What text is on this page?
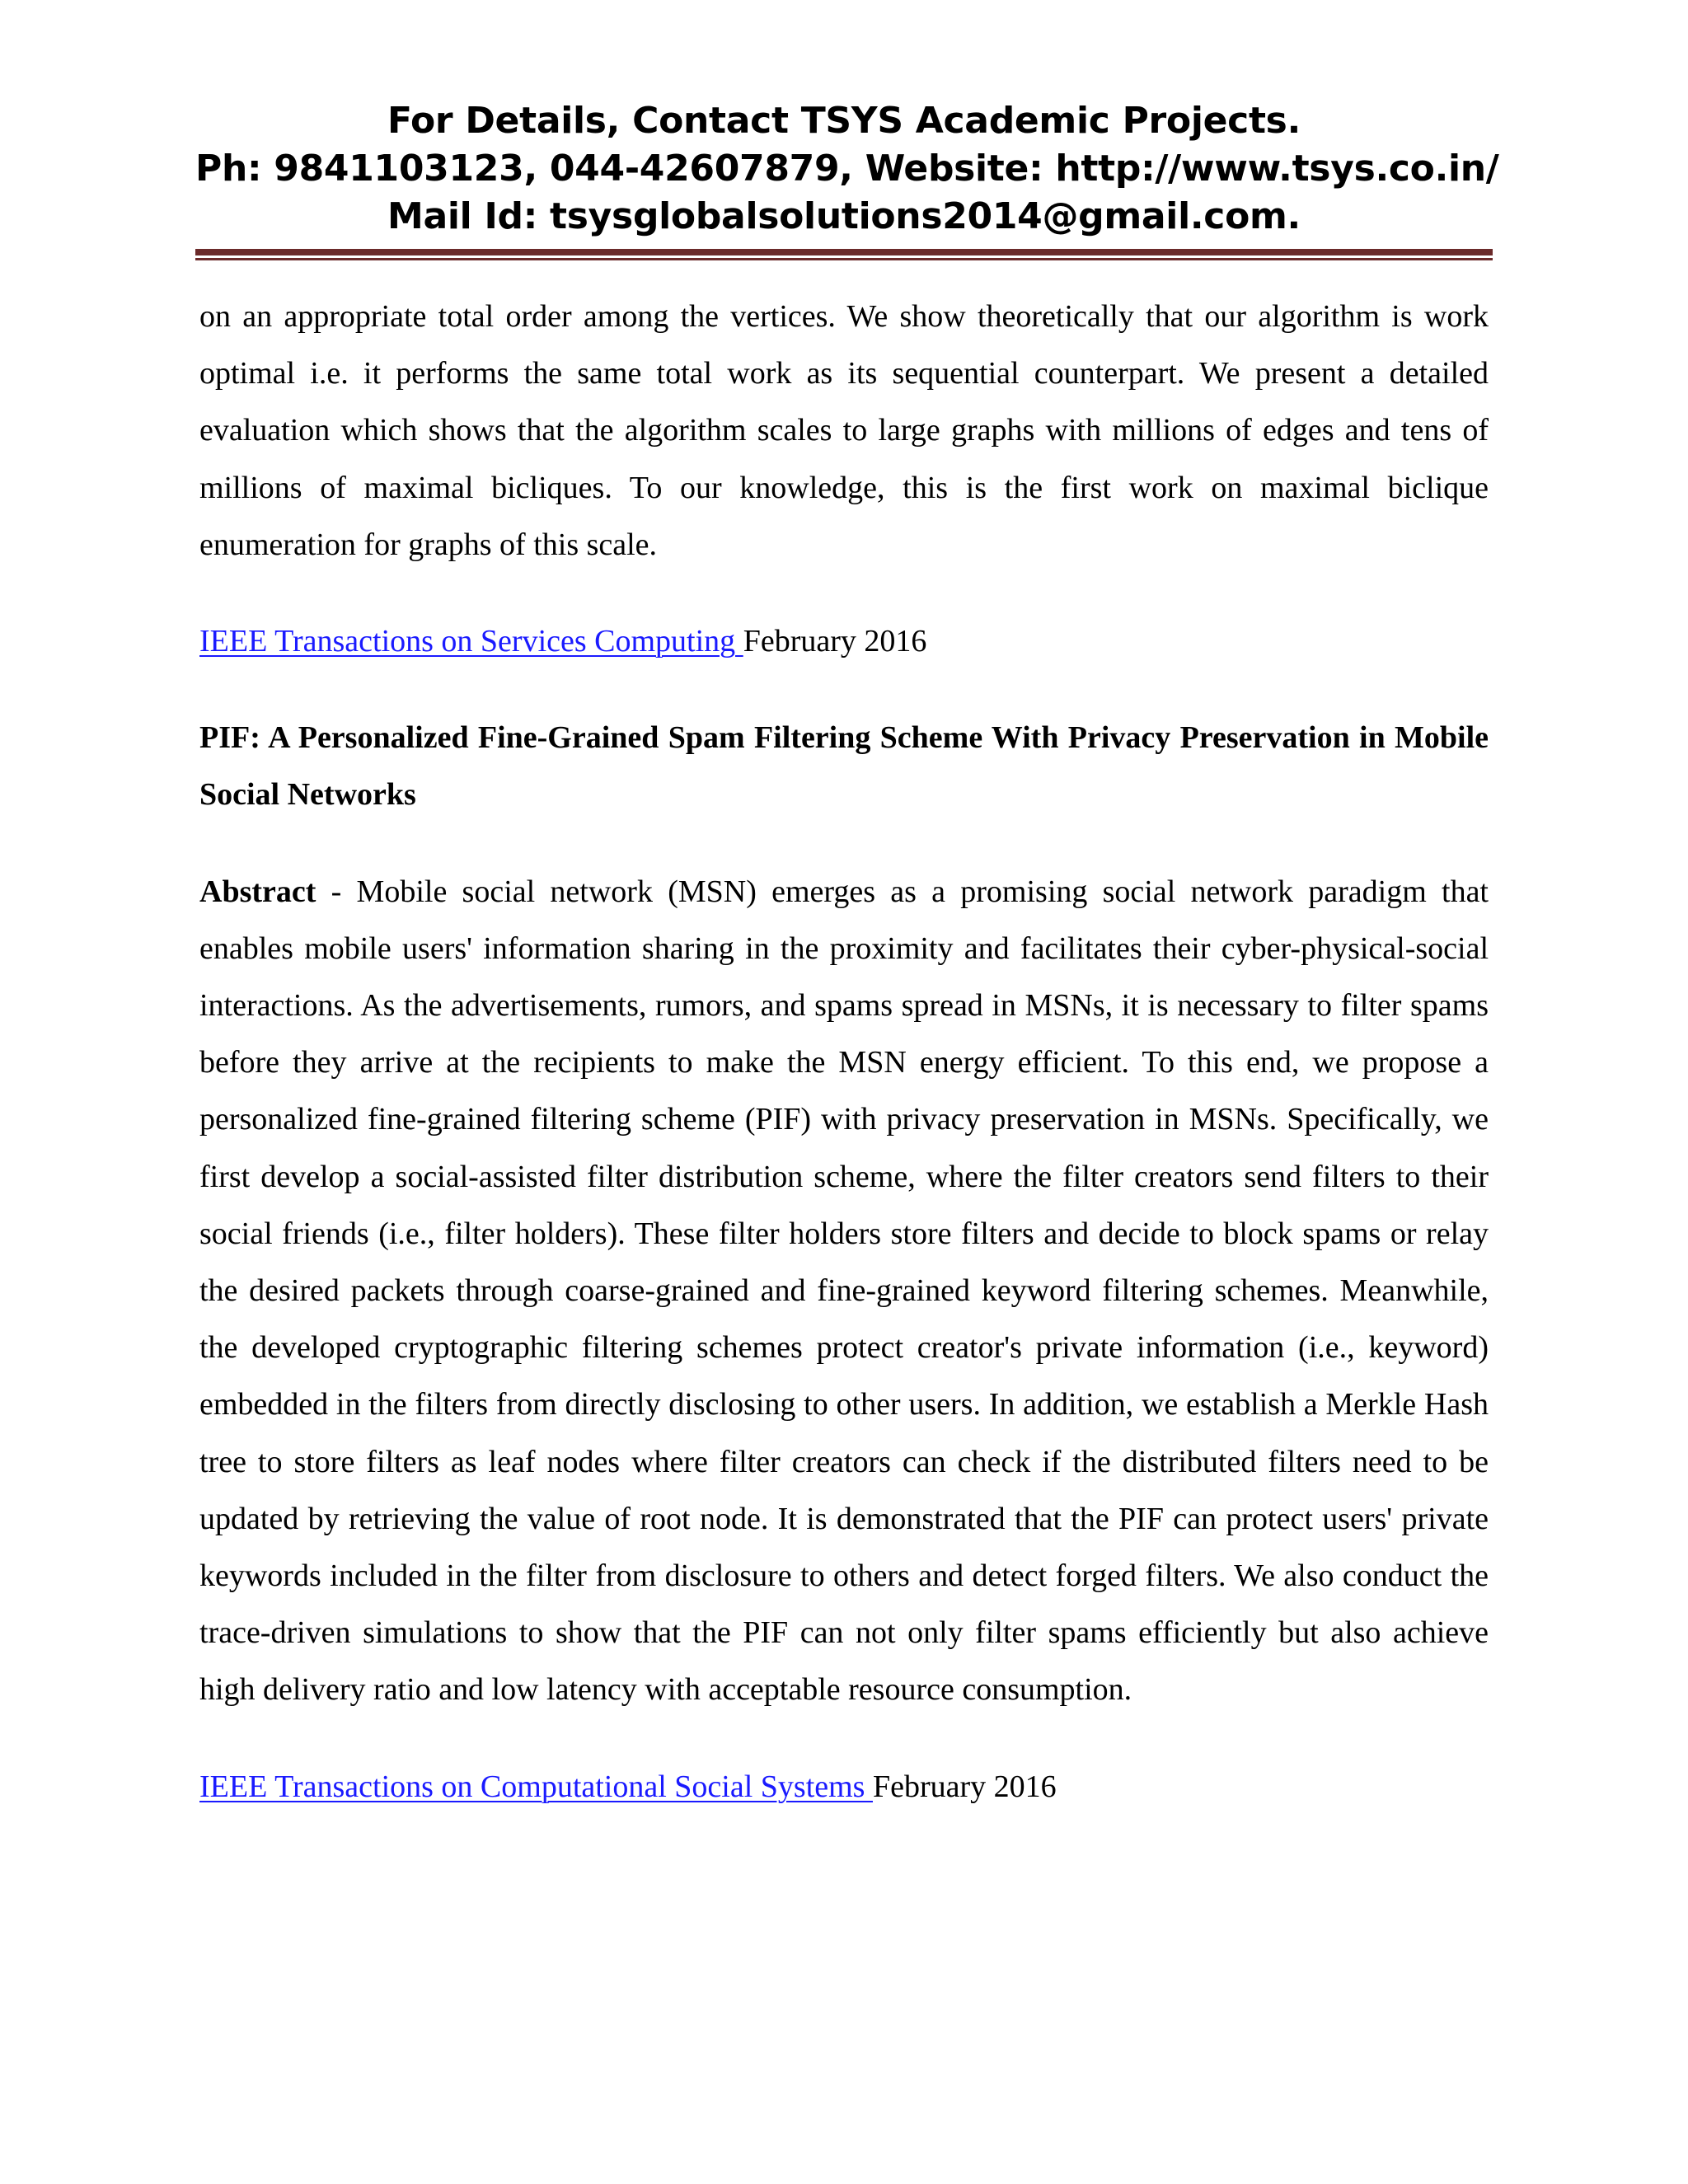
For Details, Contact TSYS Academic Projects.
Ph: 9841103123, 044-42607879, Website: http://www.tsys.co.in/
Mail Id: tsysglobalsolutions2014@gmail.com.

on an appropriate total order among the vertices. We show theoretically that our algorithm is work optimal i.e. it performs the same total work as its sequential counterpart. We present a detailed evaluation which shows that the algorithm scales to large graphs with millions of edges and tens of millions of maximal bicliques. To our knowledge, this is the first work on maximal biclique enumeration for graphs of this scale.

IEEE Transactions on Services Computing February 2016

PIF: A Personalized Fine-Grained Spam Filtering Scheme With Privacy Preservation in Mobile Social Networks

Abstract - Mobile social network (MSN) emerges as a promising social network paradigm that enables mobile users' information sharing in the proximity and facilitates their cyber-physical-social interactions. As the advertisements, rumors, and spams spread in MSNs, it is necessary to filter spams before they arrive at the recipients to make the MSN energy efficient. To this end, we propose a personalized fine-grained filtering scheme (PIF) with privacy preservation in MSNs. Specifically, we first develop a social-assisted filter distribution scheme, where the filter creators send filters to their social friends (i.e., filter holders). These filter holders store filters and decide to block spams or relay the desired packets through coarse-grained and fine-grained keyword filtering schemes. Meanwhile, the developed cryptographic filtering schemes protect creator's private information (i.e., keyword) embedded in the filters from directly disclosing to other users. In addition, we establish a Merkle Hash tree to store filters as leaf nodes where filter creators can check if the distributed filters need to be updated by retrieving the value of root node. It is demonstrated that the PIF can protect users' private keywords included in the filter from disclosure to others and detect forged filters. We also conduct the trace-driven simulations to show that the PIF can not only filter spams efficiently but also achieve high delivery ratio and low latency with acceptable resource consumption.

IEEE Transactions on Computational Social Systems February 2016
